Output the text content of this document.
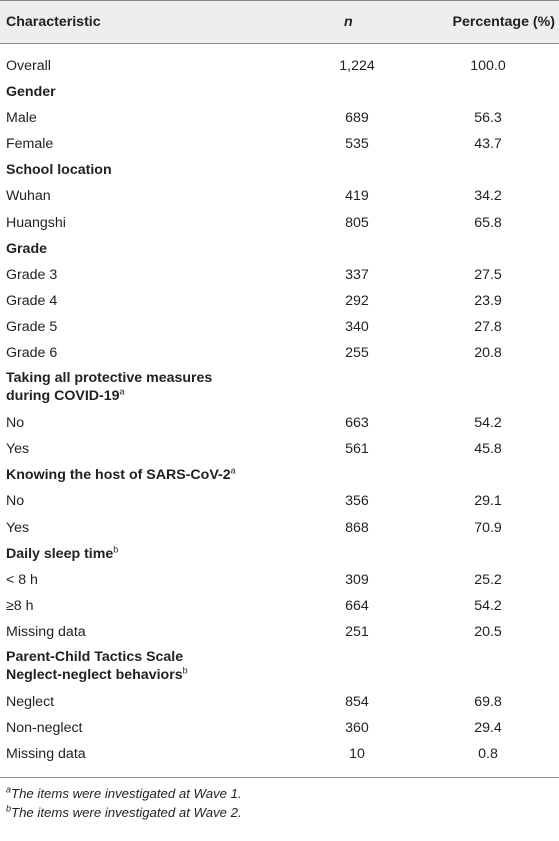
Characteristic	n	Percentage (%)
Overall	1,224	100.0
Gender
Male	689	56.3
Female	535	43.7
School location
Wuhan	419	34.2
Huangshi	805	65.8
Grade
Grade 3	337	27.5
Grade 4	292	23.9
Grade 5	340	27.8
Grade 6	255	20.8
Taking all protective measures
during COVID-19$^a$
No	663	54.2
Yes	561	45.8
Knowing the host of SARS-CoV-2$^a$
No	356	29.1
Yes	868	70.9
Daily sleep time$^b$
< 8 h	309	25.2
≥8 h	664	54.2
Missing data	251	20.5
Parent-Child Tactics Scale
Neglect-neglect behaviors$^b$
Neglect	854	69.8
Non-neglect	360	29.4
Missing data	10	0.8
$^a$The items were investigated at Wave 1.
$^b$The items were investigated at Wave 2.
